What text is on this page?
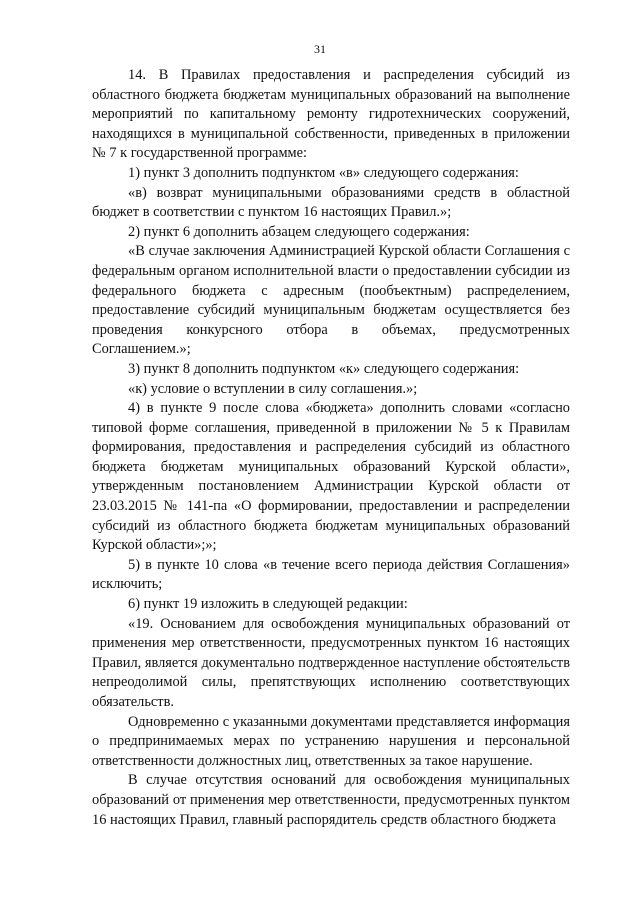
31

14. В Правилах предоставления и распределения субсидий из областного бюджета бюджетам муниципальных образований на выполнение мероприятий по капитальному ремонту гидротехнических сооружений, находящихся в муниципальной собственности, приведенных в приложении № 7 к государственной программе:

1) пункт 3 дополнить подпунктом «в» следующего содержания:

«в) возврат муниципальными образованиями средств в областной бюджет в соответствии с пунктом 16 настоящих Правил.»;

2) пункт 6 дополнить абзацем следующего содержания:

«В случае заключения Администрацией Курской области Соглашения с федеральным органом исполнительной власти о предоставлении субсидии из федерального бюджета с адресным (пообъектным) распределением, предоставление субсидий муниципальным бюджетам осуществляется без проведения конкурсного отбора в объемах, предусмотренных Соглашением.»;

3) пункт 8 дополнить подпунктом «к» следующего содержания:

«к) условие о вступлении в силу соглашения.»;

4) в пункте 9 после слова «бюджета» дополнить словами «согласно типовой форме соглашения, приведенной в приложении № 5 к Правилам формирования, предоставления и распределения субсидий из областного бюджета бюджетам муниципальных образований Курской области», утвержденным постановлением Администрации Курской области от 23.03.2015 № 141-па «О формировании, предоставлении и распределении субсидий из областного бюджета бюджетам муниципальных образований Курской области»;»;

5) в пункте 10 слова «в течение всего периода действия Соглашения» исключить;

6) пункт 19 изложить в следующей редакции:

«19. Основанием для освобождения муниципальных образований от применения мер ответственности, предусмотренных пунктом 16 настоящих Правил, является документально подтвержденное наступление обстоятельств непреодолимой силы, препятствующих исполнению соответствующих обязательств.

Одновременно с указанными документами представляется информация о предпринимаемых мерах по устранению нарушения и персональной ответственности должностных лиц, ответственных за такое нарушение.

В случае отсутствия оснований для освобождения муниципальных образований от применения мер ответственности, предусмотренных пунктом 16 настоящих Правил, главный распорядитель средств областного бюджета
